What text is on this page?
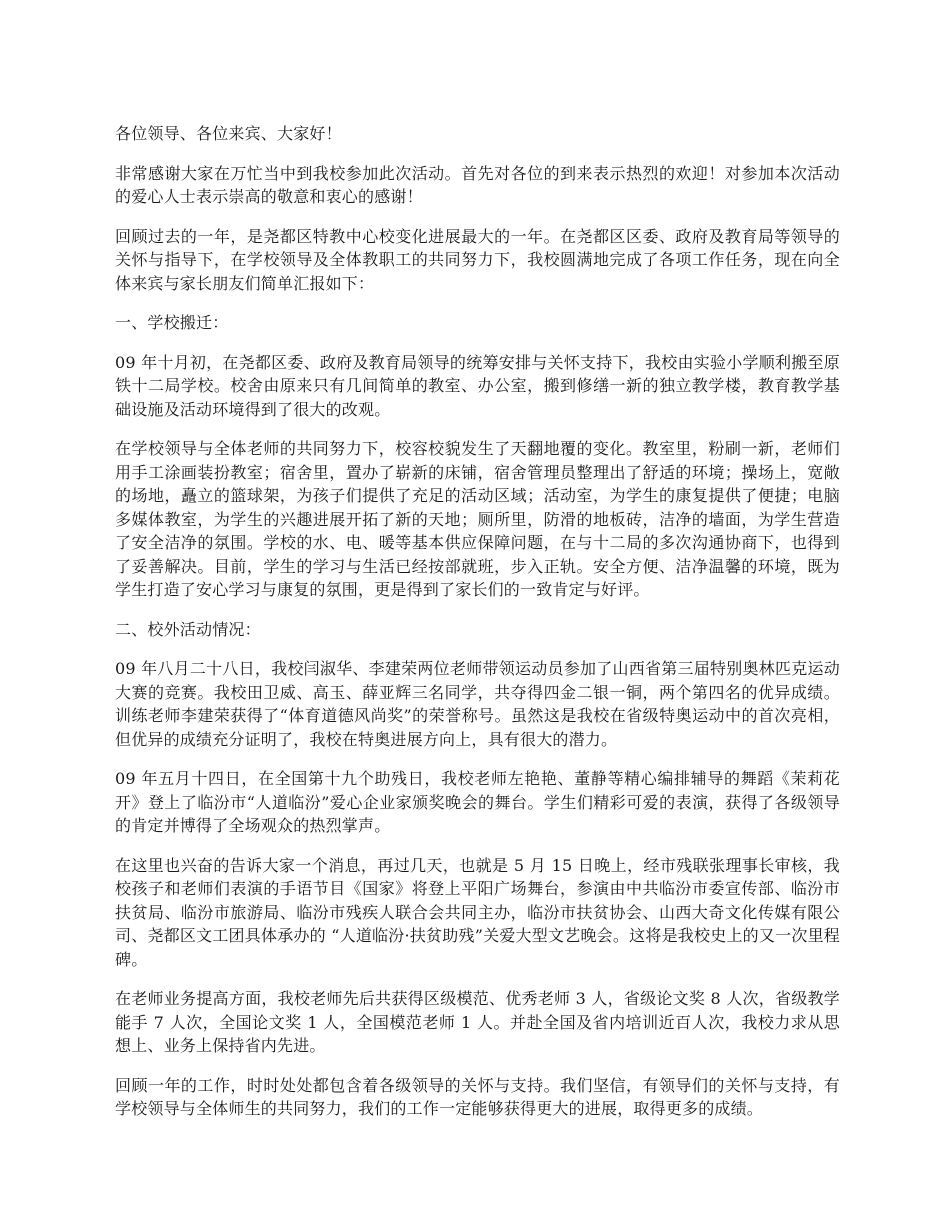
各位领导、各位来宾、大家好！

非常感谢大家在万忙当中到我校参加此次活动。首先对各位的到来表示热烈的欢迎！对参加本次活动的爱心人士表示崇高的敬意和衷心的感谢！

回顾过去的一年，是尧都区特教中心校变化进展最大的一年。在尧都区区委、政府及教育局等领导的关怀与指导下，在学校领导及全体教职工的共同努力下，我校圆满地完成了各项工作任务，现在向全体来宾与家长朋友们简单汇报如下：

一、学校搬迁：

09 年十月初，在尧都区委、政府及教育局领导的统筹安排与关怀支持下，我校由实验小学顺利搬至原铁十二局学校。校舍由原来只有几间简单的教室、办公室，搬到修缮一新的独立教学楼，教育教学基础设施及活动环境得到了很大的改观。

在学校领导与全体老师的共同努力下，校容校貌发生了天翻地覆的变化。教室里，粉刷一新，老师们用手工涂画装扮教室；宿舍里，置办了崭新的床铺，宿舍管理员整理出了舒适的环境；操场上，宽敞的场地，矗立的篮球架，为孩子们提供了充足的活动区域；活动室，为学生的康复提供了便捷；电脑多媒体教室，为学生的兴趣进展开拓了新的天地；厕所里，防滑的地板砖，洁净的墙面，为学生营造了安全洁净的氛围。学校的水、电、暖等基本供应保障问题，在与十二局的多次沟通协商下，也得到了妥善解决。目前，学生的学习与生活已经按部就班，步入正轨。安全方便、洁净温馨的环境，既为学生打造了安心学习与康复的氛围，更是得到了家长们的一致肯定与好评。

二、校外活动情况：

09 年八月二十八日，我校闫淑华、李建荣两位老师带领运动员参加了山西省第三届特别奥林匹克运动大赛的竞赛。我校田卫威、高玉、薛亚辉三名同学，共夺得四金二银一铜，两个第四名的优异成绩。训练老师李建荣获得了“体育道德风尚奖”的荣誉称号。虽然这是我校在省级特奥运动中的首次亮相，但优异的成绩充分证明了，我校在特奥进展方向上，具有很大的潜力。

09 年五月十四日，在全国第十九个助残日，我校老师左艳艳、董静等精心编排辅导的舞蹈《茉莉花开》登上了临汾市“人道临汾”爱心企业家颁奖晚会的舞台。学生们精彩可爱的表演，获得了各级领导的肯定并博得了全场观众的热烈掌声。

在这里也兴奋的告诉大家一个消息，再过几天，也就是 5 月 15 日晚上，经市残联张理事长审核，我校孩子和老师们表演的手语节目《国家》将登上平阳广场舞台，参演由中共临汾市委宣传部、临汾市扶贫局、临汾市旅游局、临汾市残疾人联合会共同主办，临汾市扶贫协会、山西大奇文化传媒有限公司、尧都区文工团具体承办的 “人道临汾·扶贫助残”关爱大型文艺晚会。这将是我校史上的又一次里程碑。

在老师业务提高方面，我校老师先后共获得区级模范、优秀老师 3 人，省级论文奖 8 人次，省级教学能手 7 人次，全国论文奖 1 人，全国模范老师 1 人。并赴全国及省内培训近百人次，我校力求从思想上、业务上保持省内先进。

回顾一年的工作，时时处处都包含着各级领导的关怀与支持。我们坚信，有领导们的关怀与支持，有学校领导与全体师生的共同努力，我们的工作一定能够获得更大的进展，取得更多的成绩。
